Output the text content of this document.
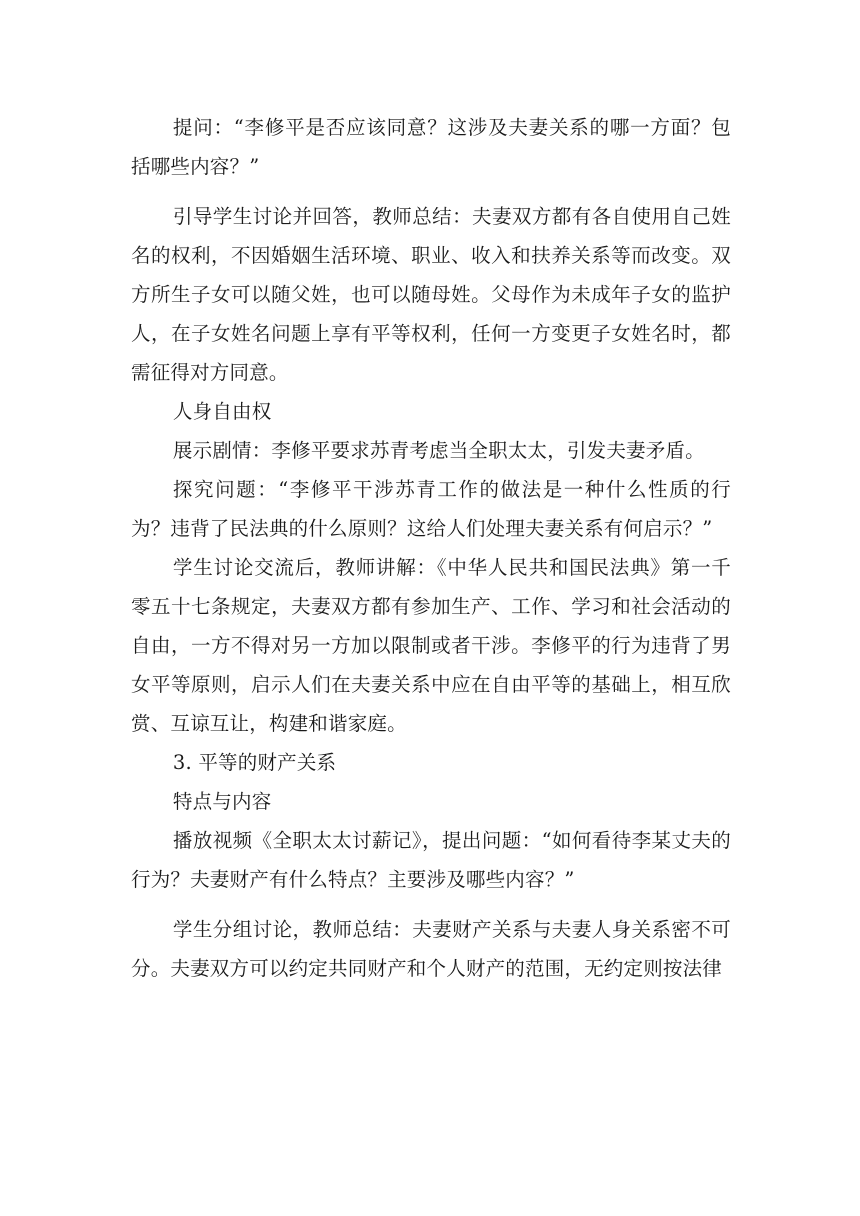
提问：“李修平是否应该同意？这涉及夫妻关系的哪一方面？包括哪些内容？”

引导学生讨论并回答，教师总结：夫妻双方都有各自使用自己姓名的权利，不因婚姻生活环境、职业、收入和扶养关系等而改变。双方所生子女可以随父姓，也可以随母姓。父母作为未成年子女的监护人，在子女姓名问题上享有平等权利，任何一方变更子女姓名时，都需征得对方同意。

人身自由权

展示剧情：李修平要求苏青考虑当全职太太，引发夫妻矛盾。

探究问题：“李修平干涉苏青工作的做法是一种什么性质的行为？违背了民法典的什么原则？这给人们处理夫妻关系有何启示？”

学生讨论交流后，教师讲解：《中华人民共和国民法典》第一千零五十七条规定，夫妻双方都有参加生产、工作、学习和社会活动的自由，一方不得对另一方加以限制或者干涉。李修平的行为违背了男女平等原则，启示人们在夫妻关系中应在自由平等的基础上，相互欣赏、互谅互让，构建和谐家庭。

3. 平等的财产关系

特点与内容

播放视频《全职太太讨薪记》，提出问题：“如何看待李某丈夫的行为？夫妻财产有什么特点？主要涉及哪些内容？”

学生分组讨论，教师总结：夫妻财产关系与夫妻人身关系密不可分。夫妻双方可以约定共同财产和个人财产的范围，无约定则按法律
